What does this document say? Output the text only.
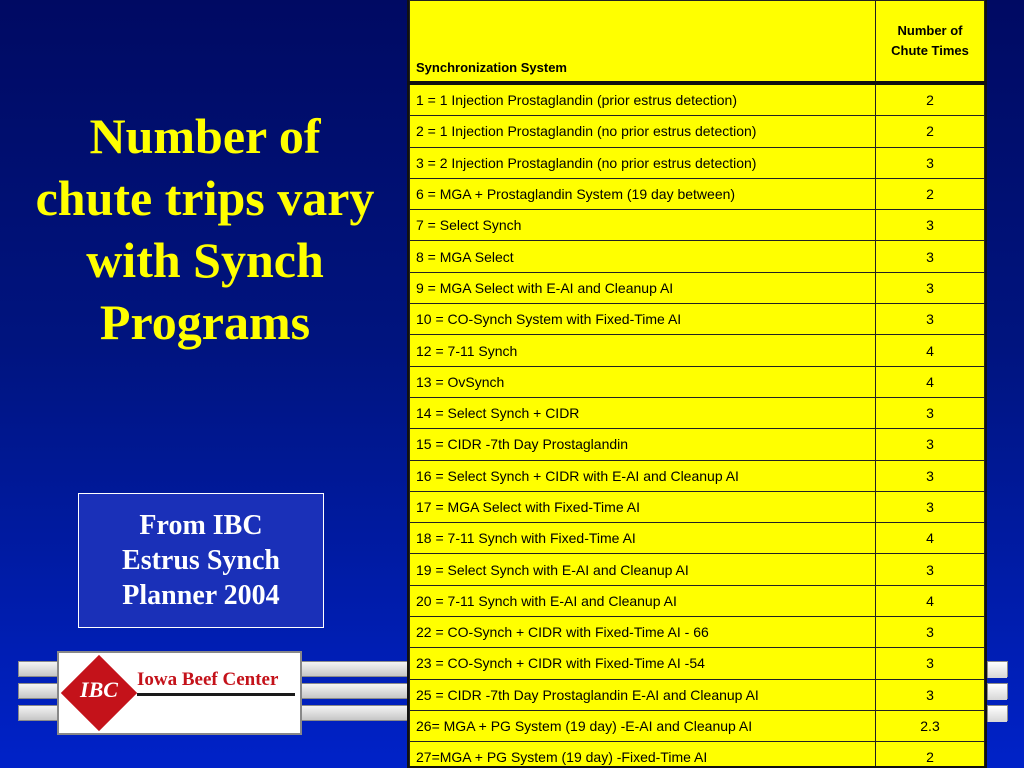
Number of chute trips vary with Synch Programs
From IBC
Estrus Synch
Planner 2004
IBC	Iowa Beef Center
Synchronization System	Number of Chute Times
1 = 1 Injection Prostaglandin (prior estrus detection)	2
2 = 1 Injection Prostaglandin (no prior estrus detection)	2
3 = 2 Injection Prostaglandin (no prior estrus detection)	3
6 = MGA + Prostaglandin System (19 day between)	2
7 = Select Synch	3
8 = MGA Select	3
9 = MGA Select with E-AI and Cleanup AI	3
10 = CO-Synch System with Fixed-Time AI	3
12 = 7-11 Synch	4
13 = OvSynch	4
14 = Select Synch + CIDR	3
15 = CIDR -7th Day Prostaglandin	3
16 = Select Synch + CIDR with E-AI and Cleanup AI	3
17 = MGA Select with Fixed-Time AI	3
18 = 7-11 Synch with Fixed-Time AI	4
19 = Select Synch with E-AI and Cleanup AI	3
20 = 7-11 Synch with E-AI and Cleanup AI	4
22 = CO-Synch + CIDR with Fixed-Time AI - 66	3
23 = CO-Synch + CIDR with Fixed-Time AI -54	3
25 = CIDR -7th Day Prostaglandin E-AI and Cleanup AI	3
26= MGA + PG System (19 day) -E-AI and Cleanup AI	2.3
27=MGA + PG System (19 day) -Fixed-Time AI	2
